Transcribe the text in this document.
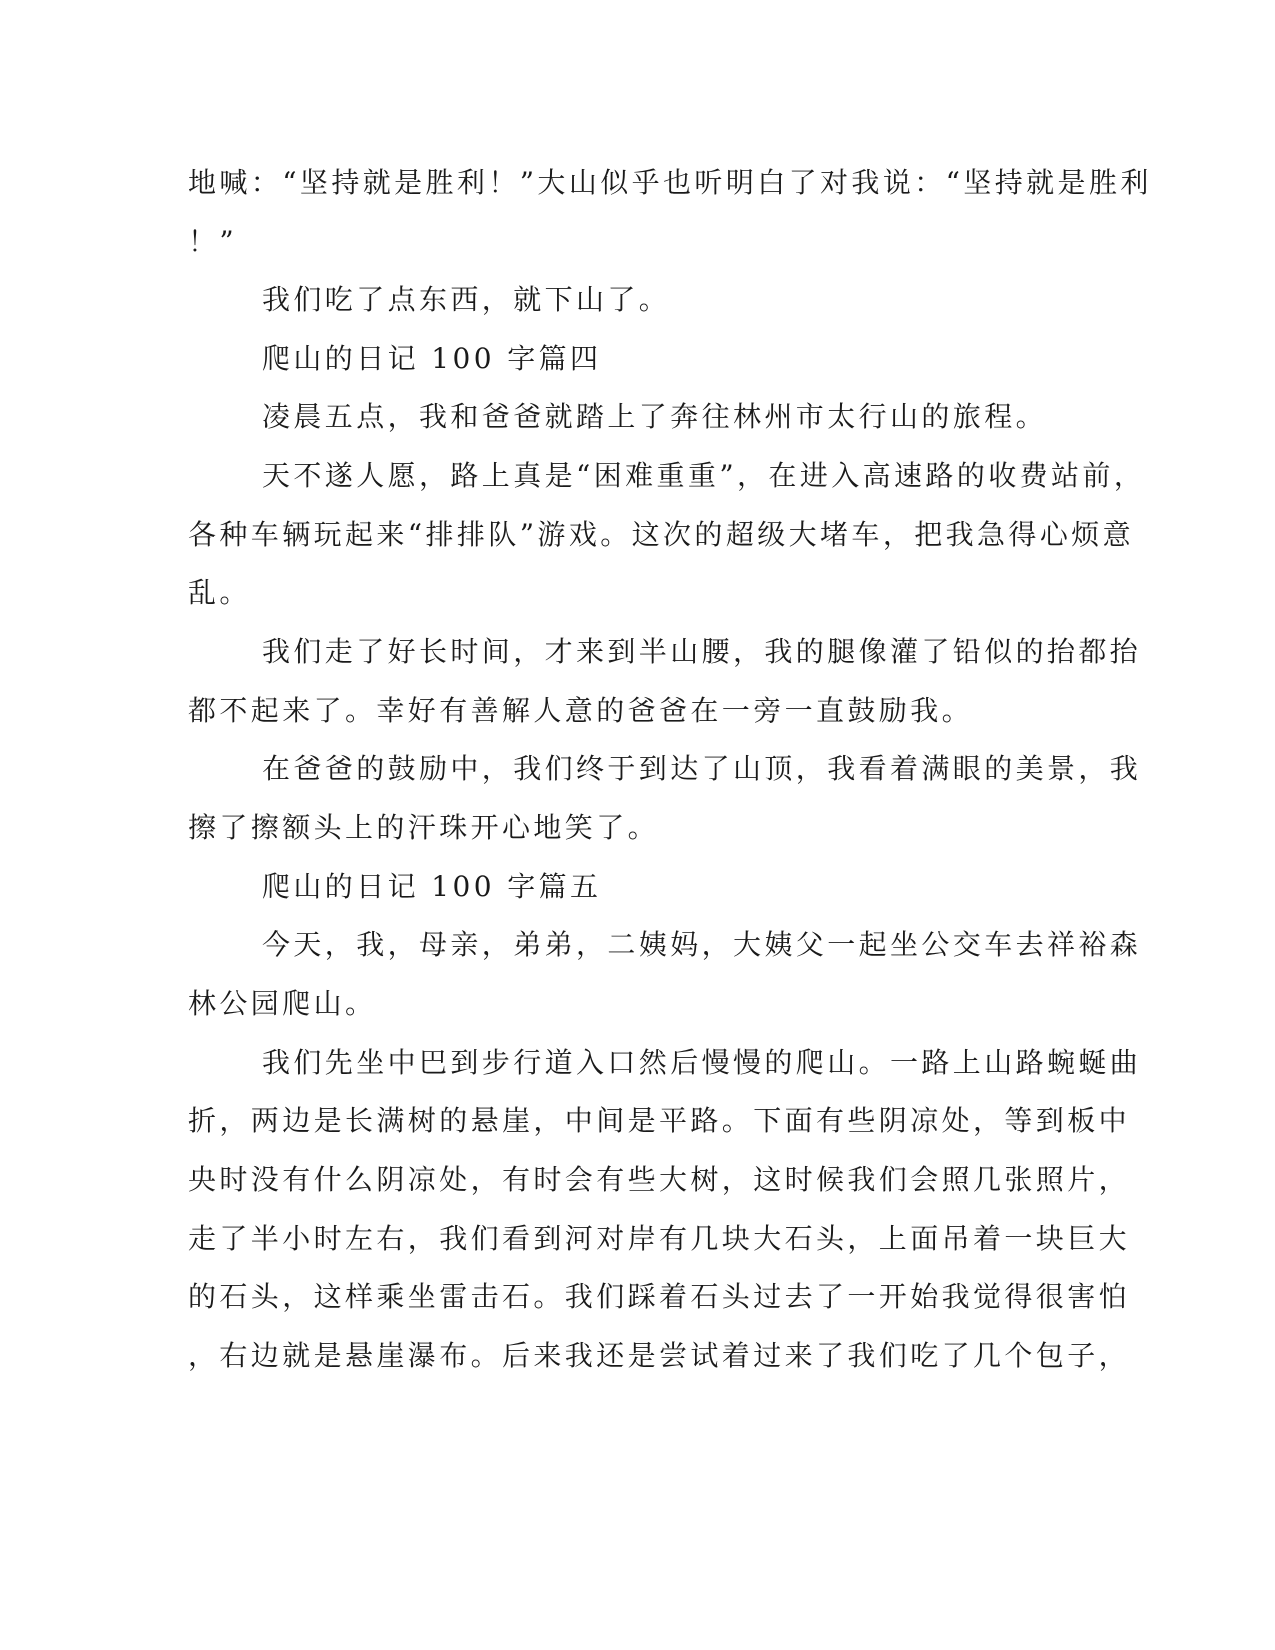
地喊：“坚持就是胜利！”大山似乎也听明白了对我说：“坚持就是胜利
！”
我们吃了点东西，就下山了。
爬山的日记 100 字篇四
凌晨五点，我和爸爸就踏上了奔往林州市太行山的旅程。
天不遂人愿，路上真是“困难重重”，在进入高速路的收费站前，
各种车辆玩起来“排排队”游戏。这次的超级大堵车，把我急得心烦意
乱。
我们走了好长时间，才来到半山腰，我的腿像灌了铅似的抬都抬
都不起来了。幸好有善解人意的爸爸在一旁一直鼓励我。
在爸爸的鼓励中，我们终于到达了山顶，我看着满眼的美景，我
擦了擦额头上的汗珠开心地笑了。
爬山的日记 100 字篇五
今天，我，母亲，弟弟，二姨妈，大姨父一起坐公交车去祥裕森
林公园爬山。
我们先坐中巴到步行道入口然后慢慢的爬山。一路上山路蜿蜒曲
折，两边是长满树的悬崖，中间是平路。下面有些阴凉处，等到板中
央时没有什么阴凉处，有时会有些大树，这时候我们会照几张照片，
走了半小时左右，我们看到河对岸有几块大石头，上面吊着一块巨大
的石头，这样乘坐雷击石。我们踩着石头过去了一开始我觉得很害怕
，右边就是悬崖瀑布。后来我还是尝试着过来了我们吃了几个包子，
